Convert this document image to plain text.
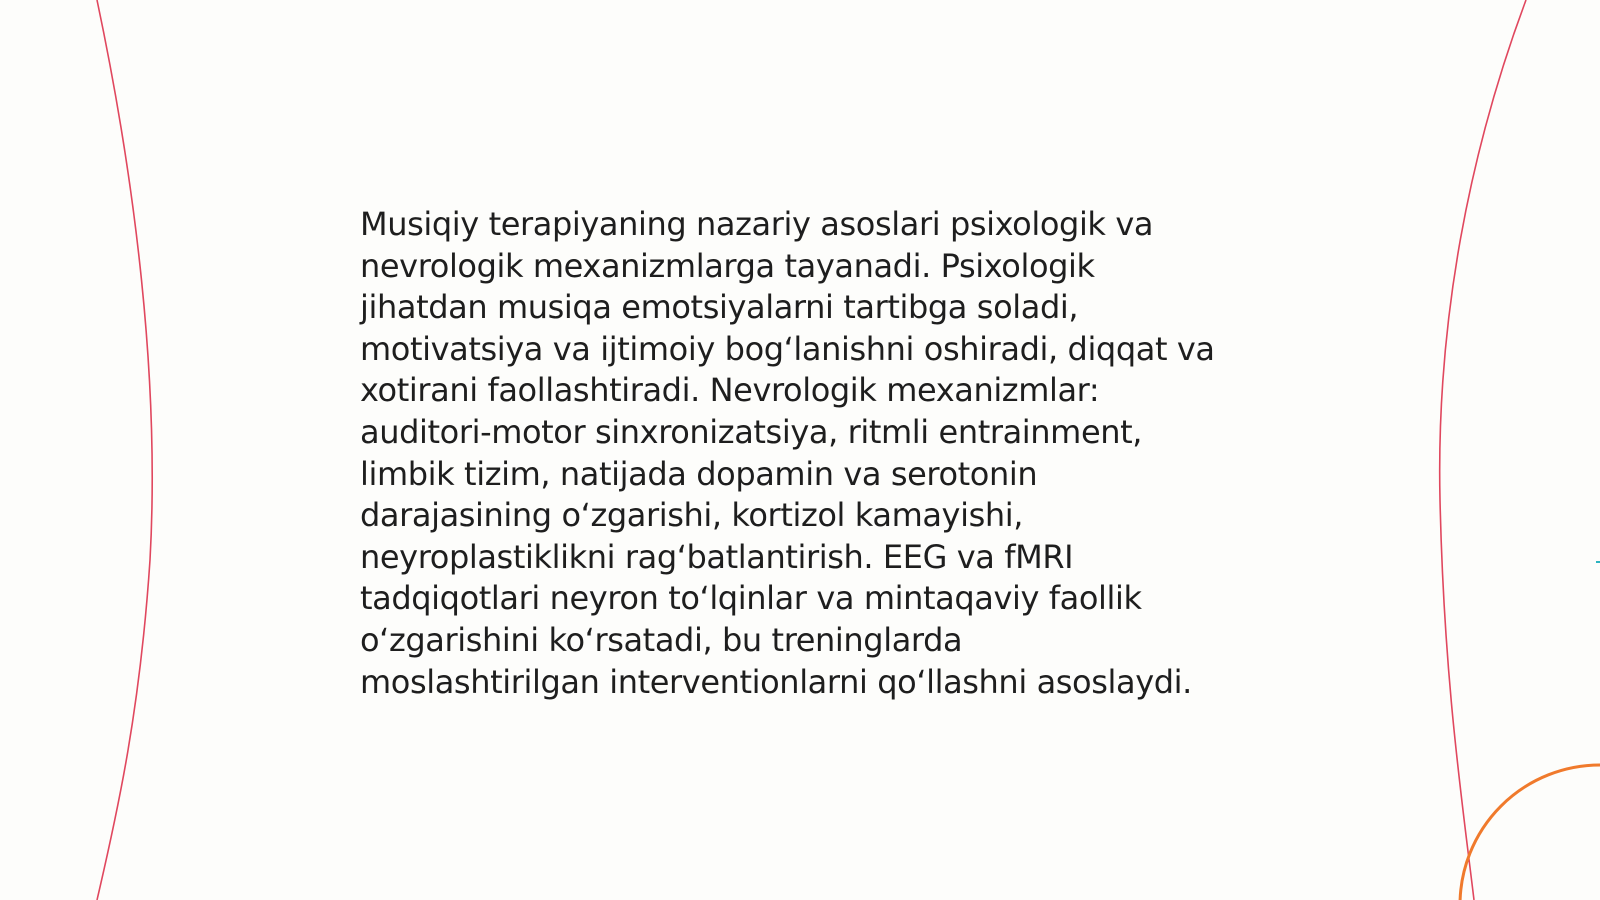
Musiqiy terapiyaning nazariy asoslari psixologik va
nevrologik mexanizmlarga tayanadi. Psixologik
jihatdan musiqa emotsiyalarni tartibga soladi,
motivatsiya va ijtimoiy bog‘lanishni oshiradi, diqqat va
xotirani faollashtiradi. Nevrologik mexanizmlar:
auditori-motor sinxronizatsiya, ritmli entrainment,
limbik tizim, natijada dopamin va serotonin
darajasining o‘zgarishi, kortizol kamayishi,
neyroplastiklikni rag‘batlantirish. EEG va fMRI
tadqiqotlari neyron to‘lqinlar va mintaqaviy faollik
o‘zgarishini ko‘rsatadi, bu treninglarda
moslashtirilgan interventionlarni qo‘llashni asoslaydi.
